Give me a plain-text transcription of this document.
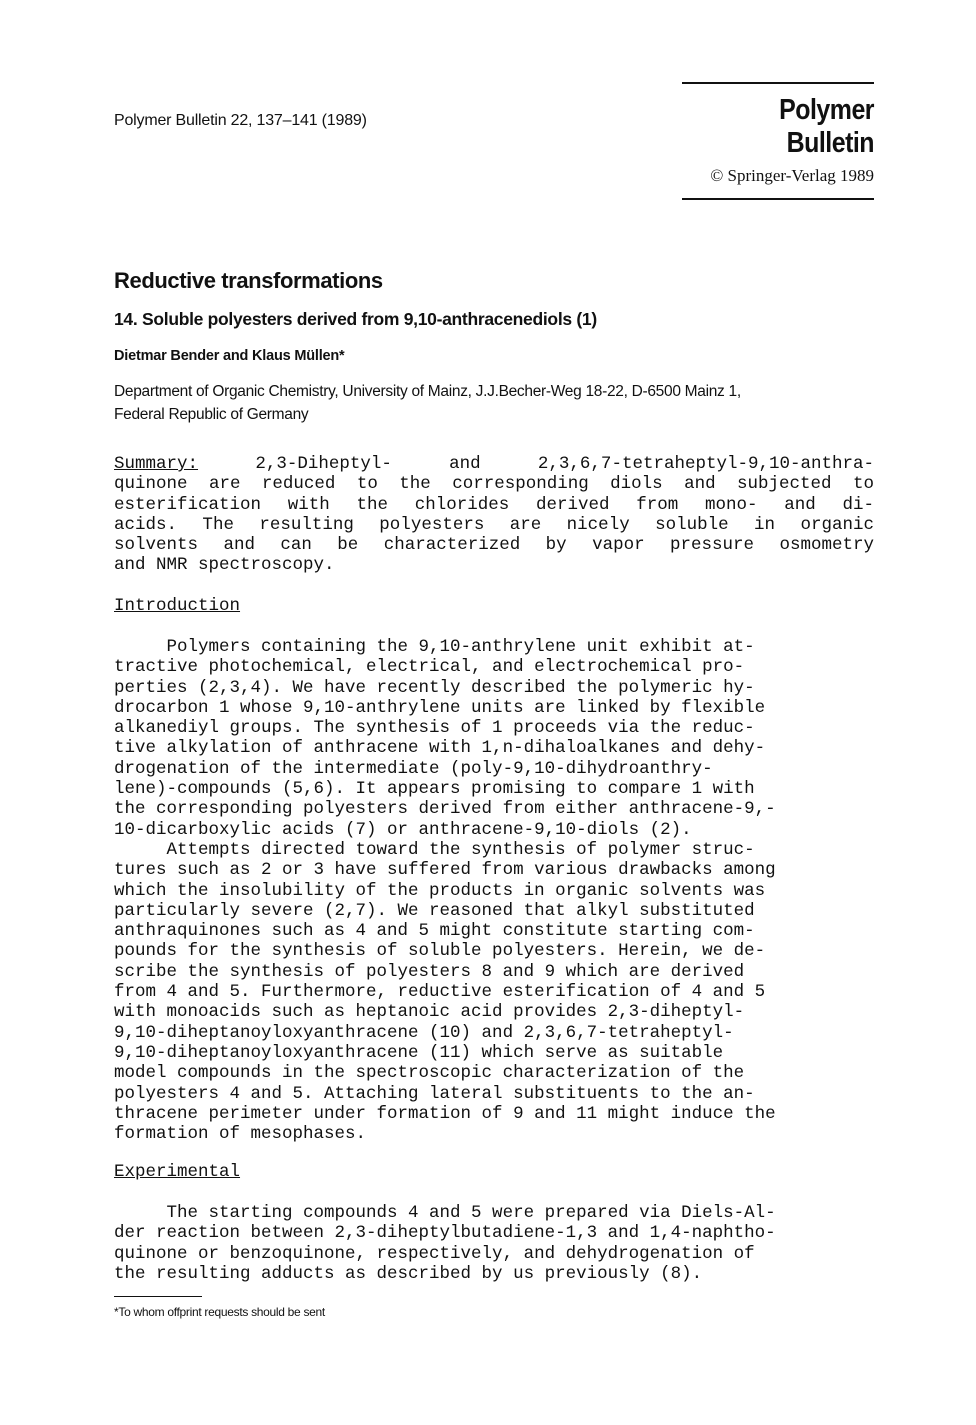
Polymer Bulletin 22, 137–141 (1989)	Polymer Bulletin
© Springer-Verlag 1989
Reductive transformations
14. Soluble polyesters derived from 9,10-anthracenediols (1)
Dietmar Bender and Klaus Müllen*
Department of Organic Chemistry, University of Mainz, J.J.Becher-Weg 18-22, D-6500 Mainz 1,
Federal Republic of Germany
Summary:	2,3-Diheptyl- and 2,3,6,7-tetraheptyl-9,10-anthra-
quinone are reduced to the corresponding diols and subjected to
esterification with the chlorides derived from mono- and di-
acids. The resulting polyesters are nicely soluble in organic
solvents and can be characterized by vapor pressure osmometry
and NMR spectroscopy.
Introduction
Polymers containing the 9,10-anthrylene unit exhibit at-
tractive photochemical, electrical, and electrochemical pro-
perties (2,3,4). We have recently described the polymeric hy-
drocarbon 1 whose 9,10-anthrylene units are linked by flexible
alkanediyl groups. The synthesis of 1 proceeds via the reduc-
tive alkylation of anthracene with 1,n-dihaloalkanes and dehy-
drogenation of the intermediate (poly-9,10-dihydroanthry-
lene)-compounds (5,6). It appears promising to compare 1 with
the corresponding polyesters derived from either anthracene-9,-
10-dicarboxylic acids (7) or anthracene-9,10-diols (2).
Attempts directed toward the synthesis of polymer struc-
tures such as 2 or 3 have suffered from various drawbacks among
which the insolubility of the products in organic solvents was
particularly severe (2,7). We reasoned that alkyl substituted
anthraquinones such as 4 and 5 might constitute starting com-
pounds for the synthesis of soluble polyesters. Herein, we de-
scribe the synthesis of polyesters 8 and 9 which are derived
from 4 and 5. Furthermore, reductive esterification of 4 and 5
with monoacids such as heptanoic acid provides 2,3-diheptyl-
9,10-diheptanoyloxyanthracene (10) and 2,3,6,7-tetraheptyl-
9,10-diheptanoyloxyanthracene (11) which serve as suitable
model compounds in the spectroscopic characterization of the
polyesters 4 and 5. Attaching lateral substituents to the an-
thracene perimeter under formation of 9 and 11 might induce the
formation of mesophases.
Experimental
The starting compounds 4 and 5 were prepared via Diels-Al-
der reaction between 2,3-diheptylbutadiene-1,3 and 1,4-naphtho-
quinone or benzoquinone, respectively, and dehydrogenation of
the resulting adducts as described by us previously (8).
*To whom offprint requests should be sent
